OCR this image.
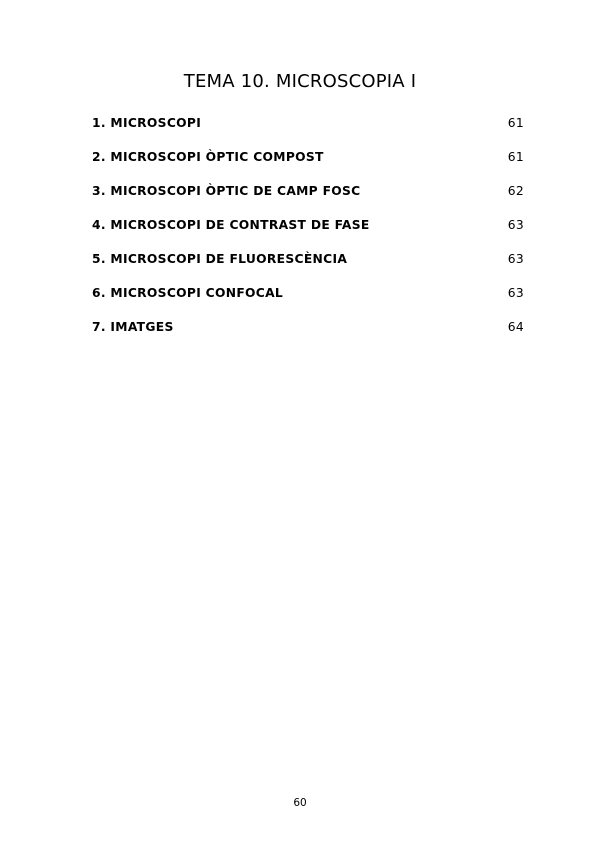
TEMA 10. MICROSCOPIA I
1. MICROSCOPI	61
2. MICROSCOPI ÒPTIC COMPOST	61
3. MICROSCOPI ÒPTIC DE CAMP FOSC	62
4. MICROSCOPI DE CONTRAST DE FASE	63
5. MICROSCOPI DE FLUORESCÈNCIA	63
6. MICROSCOPI CONFOCAL	63
7. IMATGES	64
60
